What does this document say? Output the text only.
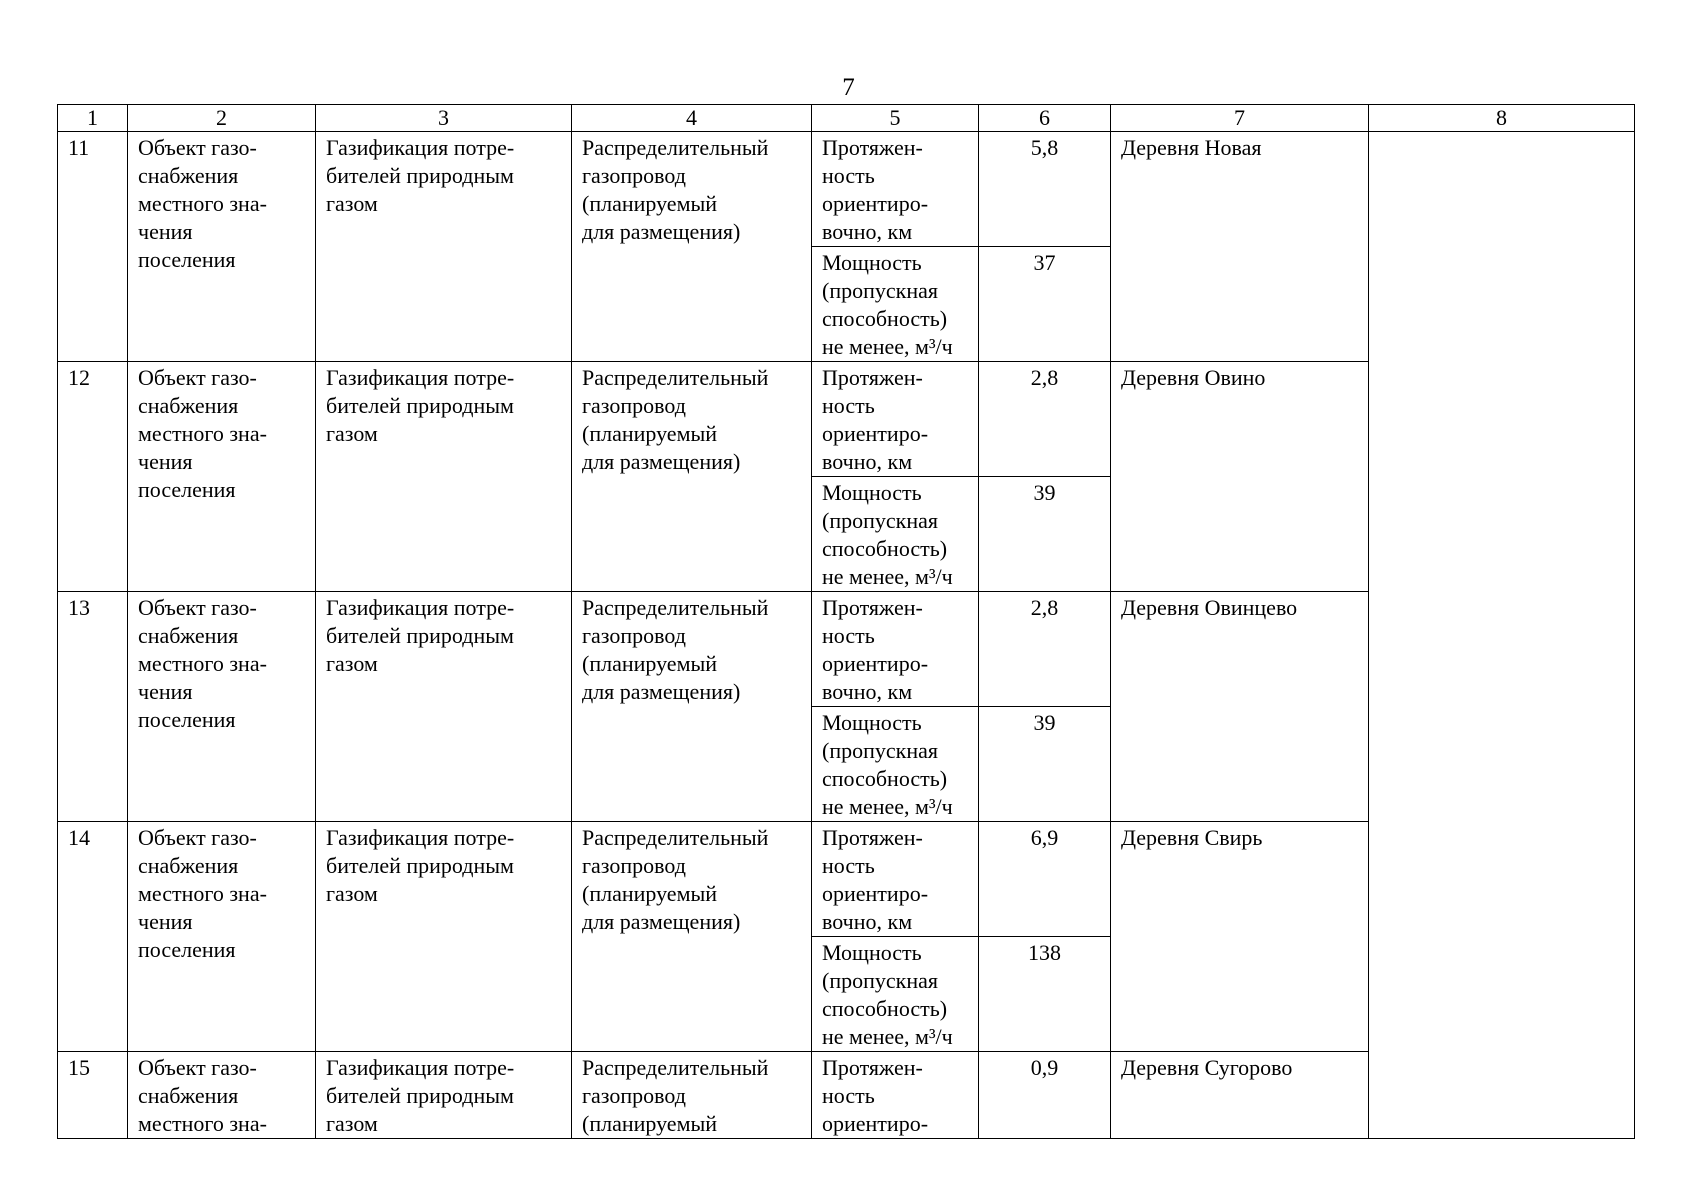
7
1	2	3	4	5	6	7	8
11	Объект газо-
снабжения
местного зна-
чения
поселения	Газификация потре-
бителей природным
газом	Распределительный
газопровод
(планируемый
для размещения)	Протяжен-
ность
ориентиро-
вочно, км	5,8	Деревня Новая	
				Мощность
(пропускная
способность)
не менее, м³/ч	37		
12	Объект газо-
снабжения
местного зна-
чения
поселения	Газификация потре-
бителей природным
газом	Распределительный
газопровод
(планируемый
для размещения)	Протяжен-
ность
ориентиро-
вочно, км	2,8	Деревня Овино	
				Мощность
(пропускная
способность)
не менее, м³/ч	39		
13	Объект газо-
снабжения
местного зна-
чения
поселения	Газификация потре-
бителей природным
газом	Распределительный
газопровод
(планируемый
для размещения)	Протяжен-
ность
ориентиро-
вочно, км	2,8	Деревня Овинцево	
				Мощность
(пропускная
способность)
не менее, м³/ч	39		
14	Объект газо-
снабжения
местного зна-
чения
поселения	Газификация потре-
бителей природным
газом	Распределительный
газопровод
(планируемый
для размещения)	Протяжен-
ность
ориентиро-
вочно, км	6,9	Деревня Свирь	
				Мощность
(пропускная
способность)
не менее, м³/ч	138		
15	Объект газо-
снабжения
местного зна-	Газификация потре-
бителей природным
газом	Распределительный
газопровод
(планируемый	Протяжен-
ность
ориентиро-	0,9	Деревня Сугорово	
